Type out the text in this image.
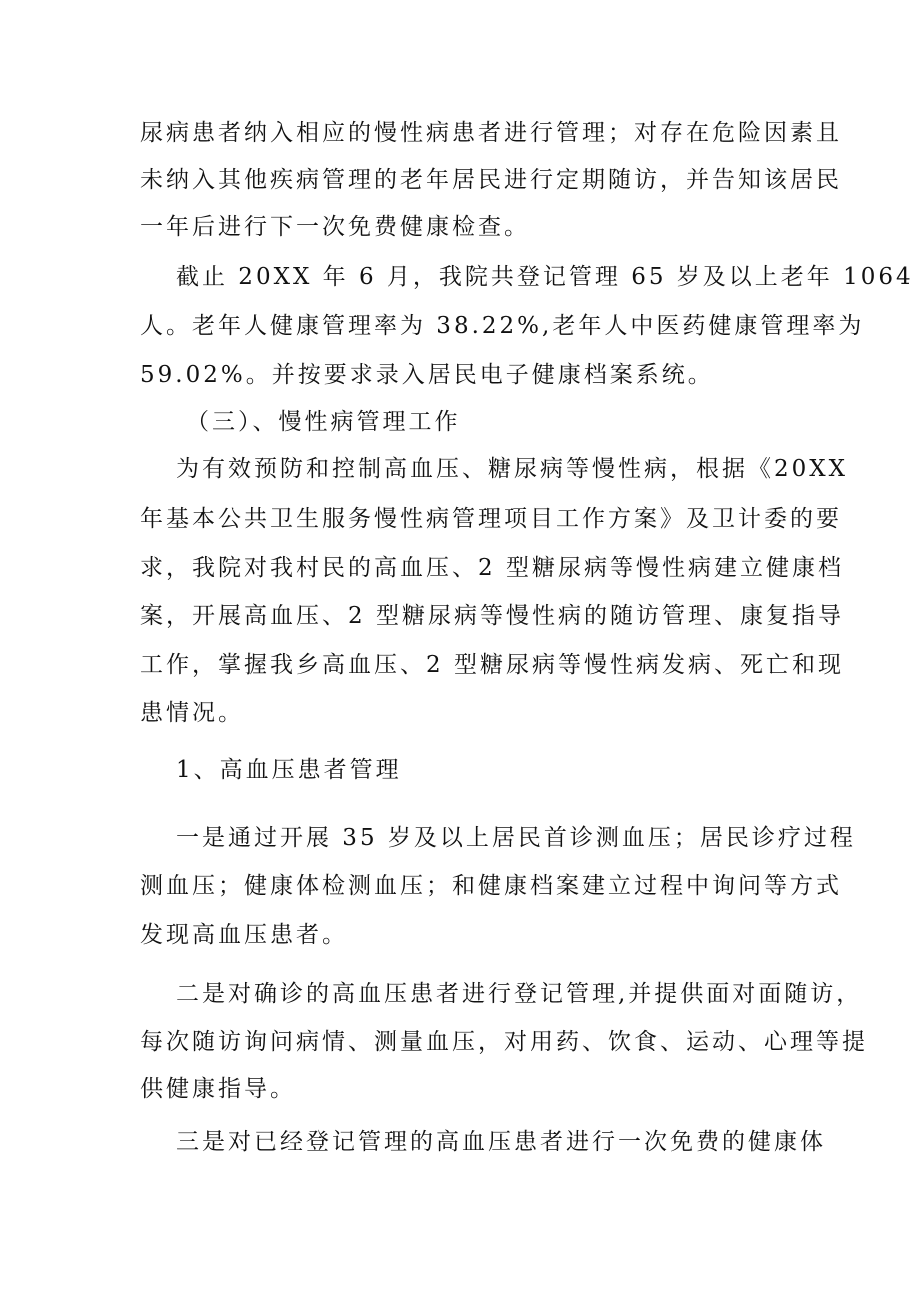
尿病患者纳入相应的慢性病患者进行管理；对存在危险因素且
未纳入其他疾病管理的老年居民进行定期随访，并告知该居民
一年后进行下一次免费健康检查。
截止 20XX 年 6 月，我院共登记管理 65 岁及以上老年 1064
人。老年人健康管理率为 38.22%,老年人中医药健康管理率为
59.02%。并按要求录入居民电子健康档案系统。
（三）、慢性病管理工作
为有效预防和控制高血压、糖尿病等慢性病，根据《20XX
年基本公共卫生服务慢性病管理项目工作方案》及卫计委的要
求，我院对我村民的高血压、2 型糖尿病等慢性病建立健康档
案，开展高血压、2 型糖尿病等慢性病的随访管理、康复指导
工作，掌握我乡高血压、2 型糖尿病等慢性病发病、死亡和现
患情况。
1、高血压患者管理
一是通过开展 35 岁及以上居民首诊测血压；居民诊疗过程
测血压；健康体检测血压；和健康档案建立过程中询问等方式
发现高血压患者。
二是对确诊的高血压患者进行登记管理,并提供面对面随访，
每次随访询问病情、测量血压，对用药、饮食、运动、心理等提
供健康指导。
三是对已经登记管理的高血压患者进行一次免费的健康体
